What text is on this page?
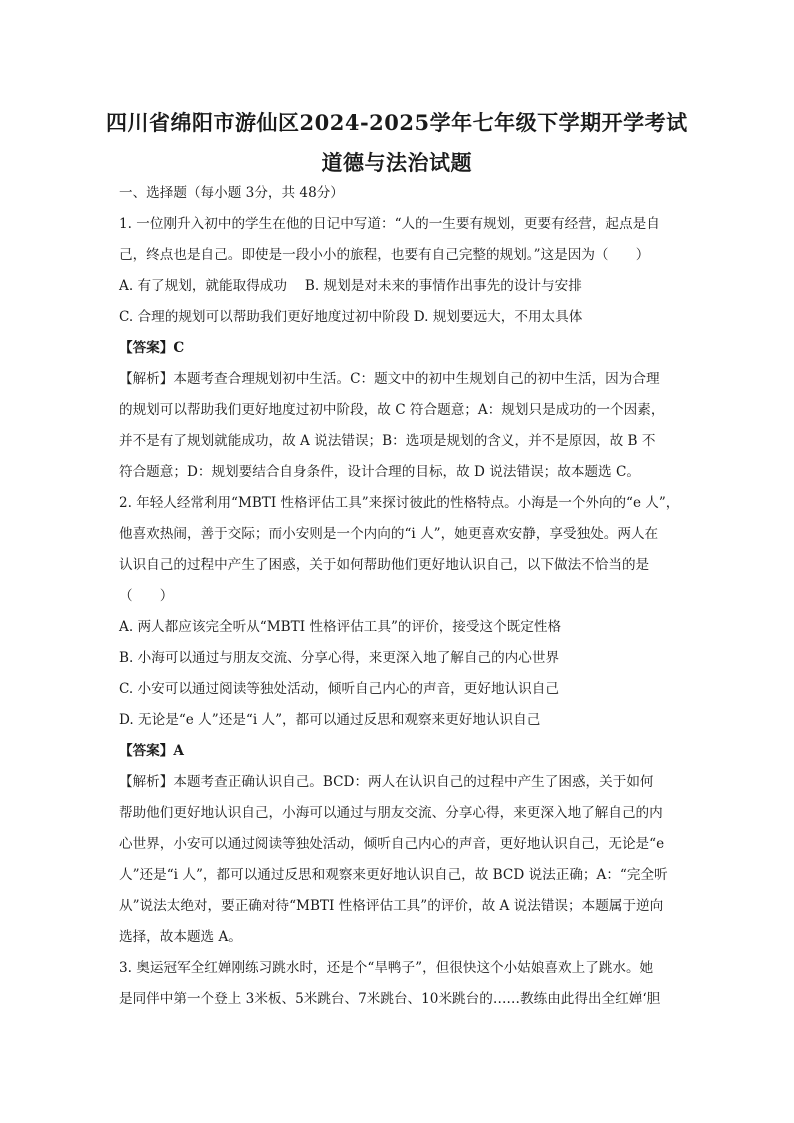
四川省绵阳市游仙区2024-2025学年七年级下学期开学考试
道德与法治试题
一、选择题（每小题 3分，共 48分）
1. 一位刚升入初中的学生在他的日记中写道：“人的一生要有规划，更要有经营，起点是自
己，终点也是自己。即使是一段小小的旅程，也要有自己完整的规划。”这是因为（　　）
A. 有了规划，就能取得成功　 B. 规划是对未来的事情作出事先的设计与安排
C. 合理的规划可以帮助我们更好地度过初中阶段 D. 规划要远大，不用太具体
【答案】C
【解析】本题考查合理规划初中生活。C：题文中的初中生规划自己的初中生活，因为合理
的规划可以帮助我们更好地度过初中阶段，故 C 符合题意；A：规划只是成功的一个因素，
并不是有了规划就能成功，故 A 说法错误；B：选项是规划的含义，并不是原因，故 B 不
符合题意；D：规划要结合自身条件，设计合理的目标，故 D 说法错误；故本题选 C。
2. 年轻人经常利用“MBTI 性格评估工具”来探讨彼此的性格特点。小海是一个外向的“e 人”，
他喜欢热闹，善于交际；而小安则是一个内向的“i 人”，她更喜欢安静，享受独处。两人在
认识自己的过程中产生了困惑，关于如何帮助他们更好地认识自己，以下做法不恰当的是
（　　）
A. 两人都应该完全听从“MBTI 性格评估工具”的评价，接受这个既定性格
B. 小海可以通过与朋友交流、分享心得，来更深入地了解自己的内心世界
C. 小安可以通过阅读等独处活动，倾听自己内心的声音，更好地认识自己
D. 无论是“e 人”还是“i 人”，都可以通过反思和观察来更好地认识自己
【答案】A
【解析】本题考查正确认识自己。BCD：两人在认识自己的过程中产生了困惑，关于如何
帮助他们更好地认识自己，小海可以通过与朋友交流、分享心得，来更深入地了解自己的内
心世界，小安可以通过阅读等独处活动，倾听自己内心的声音，更好地认识自己，无论是“e
人”还是“i 人”，都可以通过反思和观察来更好地认识自己，故 BCD 说法正确；A：“完全听
从”说法太绝对，要正确对待“MBTI 性格评估工具”的评价，故 A 说法错误；本题属于逆向
选择，故本题选 A。
3. 奥运冠军全红婵刚练习跳水时，还是个“旱鸭子”，但很快这个小姑娘喜欢上了跳水。她
是同伴中第一个登上 3米板、5米跳台、7米跳台、10米跳台的……教练由此得出全红婵‘胆
